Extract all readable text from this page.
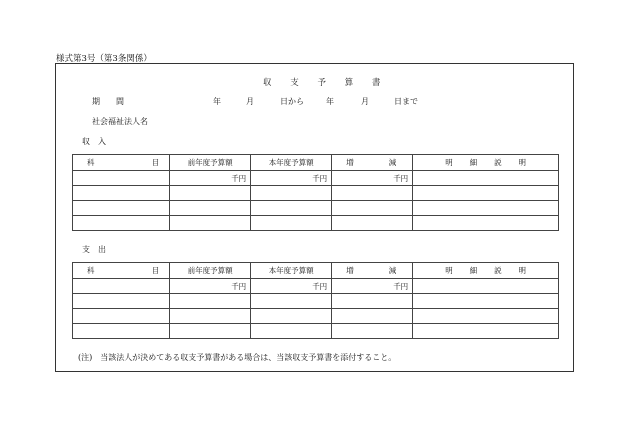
様式第3号（第3条関係）
収 支 予 算 書
期　　間	年	月	日から	年	月	日まで
社会福祉法人名
収　入
科 目	前年度予算額	本年度予算額	増 減	明 細 説 明

	千円	千円	千円	

支　出
科 目	前年度予算額	本年度予算額	増 減	明 細 説 明

	千円	千円	千円	

(注)　当該法人が決めてある収支予算書がある場合は、当該収支予算書を添付すること。
